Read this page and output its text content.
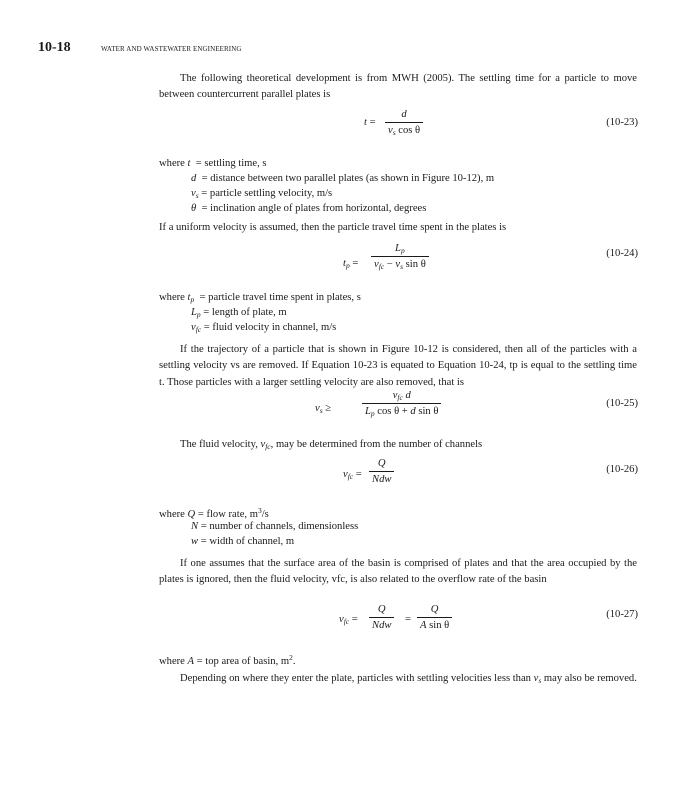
10-18	WATER AND WASTEWATER ENGINEERING
The following theoretical development is from MWH (2005). The settling time for a particle to move between countercurrent parallel plates is
t =
d
$v_s$ cos θ
(10-23)
where t  = settling time, s
d  = distance between two parallel plates (as shown in Figure 10-12), m
$v_s$ = particle settling velocity, m/s
θ  = inclination angle of plates from horizontal, degrees
If a uniform velocity is assumed, then the particle travel time spent in the plates is
$t_p$ =
$L_p$
$v_{fc} - v_s$ sin θ
(10-24)
where $t_p$  = particle travel time spent in plates, s
$L_p$ = length of plate, m
$v_{fc}$ = fluid velocity in channel, m/s
If the trajectory of a particle that is shown in Figure 10-12 is considered, then all of the particles with a settling velocity vs are removed. If Equation 10-23 is equated to Equation 10-24, tp is equal to the settling time t. Those particles with a larger settling velocity are also removed, that is
$v_s$ ≥
$v_{fc}$ d
$L_p$ cos θ + d sin θ
(10-25)
The fluid velocity, $v_{fc}$, may be determined from the number of channels
$v_{fc}$ =
Q
Ndw
(10-26)
where Q = flow rate, $m^3/s$
N = number of channels, dimensionless
w = width of channel, m
If one assumes that the surface area of the basin is comprised of plates and that the area occupied by the plates is ignored, then the fluid velocity, vfc, is also related to the overflow rate of the basin
$v_{fc}$ =
Q
Ndw
=
Q
A sin θ
(10-27)
where A = top area of basin, $m^2$.
Depending on where they enter the plate, particles with settling velocities less than $v_s$ may also be removed.
